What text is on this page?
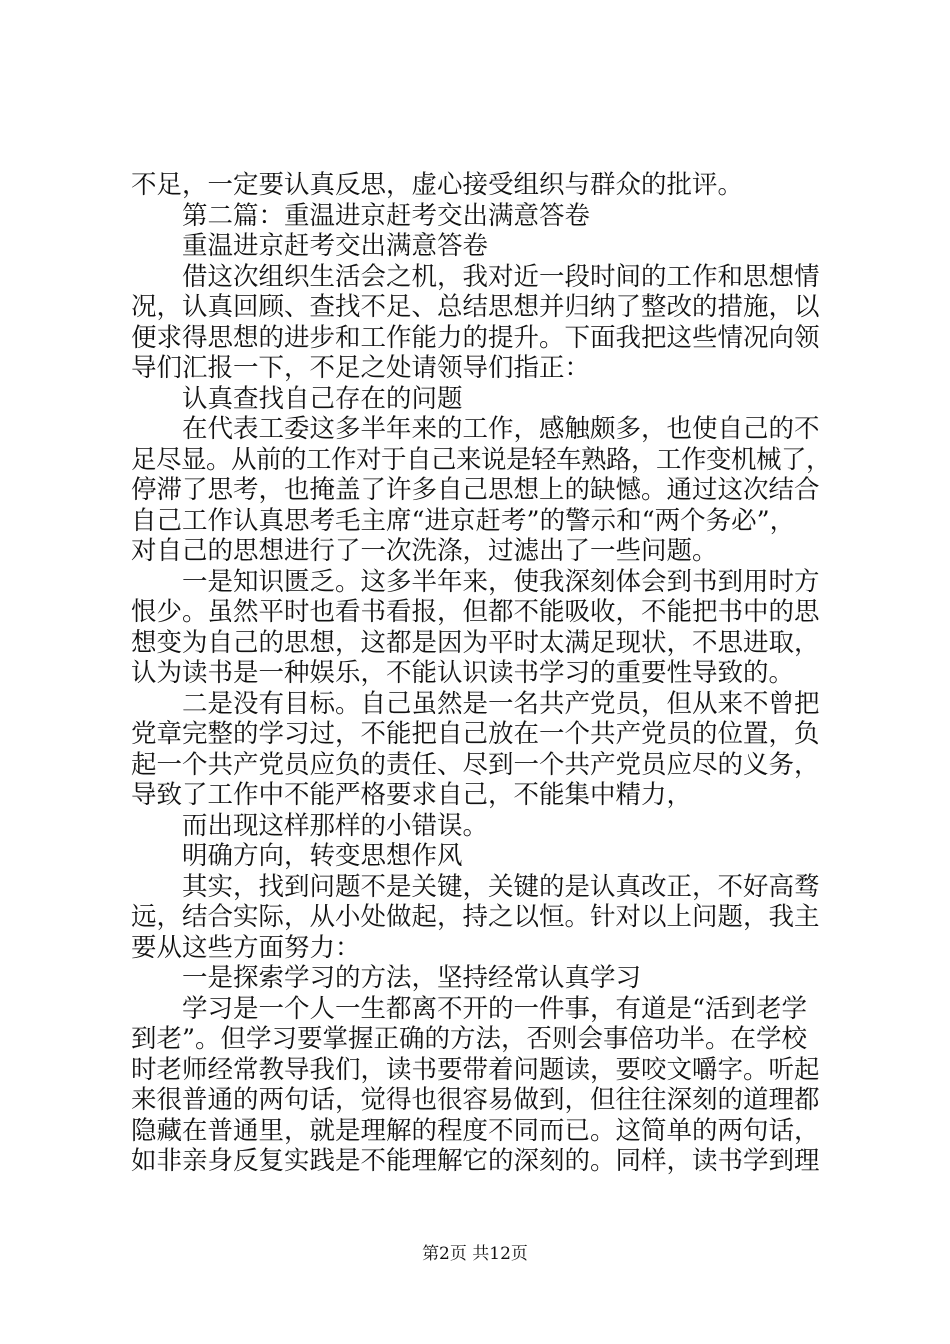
不足，一定要认真反思，虚心接受组织与群众的批评。
第二篇：重温进京赶考交出满意答卷
重温进京赶考交出满意答卷
借这次组织生活会之机，我对近一段时间的工作和思想情
况，认真回顾、查找不足、总结思想并归纳了整改的措施，以
便求得思想的进步和工作能力的提升。下面我把这些情况向领
导们汇报一下，不足之处请领导们指正：
认真查找自己存在的问题
在代表工委这多半年来的工作，感触颇多，也使自己的不
足尽显。从前的工作对于自己来说是轻车熟路，工作变机械了，
停滞了思考，也掩盖了许多自己思想上的缺憾。通过这次结合
自己工作认真思考毛主席“进京赶考”的警示和“两个务必”，
对自己的思想进行了一次洗涤，过滤出了一些问题。
一是知识匮乏。这多半年来，使我深刻体会到书到用时方
恨少。虽然平时也看书看报，但都不能吸收，不能把书中的思
想变为自己的思想，这都是因为平时太满足现状，不思进取，
认为读书是一种娱乐，不能认识读书学习的重要性导致的。
二是没有目标。自己虽然是一名共产党员，但从来不曾把
党章完整的学习过，不能把自己放在一个共产党员的位置，负
起一个共产党员应负的责任、尽到一个共产党员应尽的义务，
导致了工作中不能严格要求自己，不能集中精力，
而出现这样那样的小错误。
明确方向，转变思想作风
其实，找到问题不是关键，关键的是认真改正，不好高骛
远，结合实际，从小处做起，持之以恒。针对以上问题，我主
要从这些方面努力：
一是探索学习的方法，坚持经常认真学习
学习是一个人一生都离不开的一件事，有道是“活到老学
到老”。但学习要掌握正确的方法，否则会事倍功半。在学校
时老师经常教导我们，读书要带着问题读，要咬文嚼字。听起
来很普通的两句话，觉得也很容易做到，但往往深刻的道理都
隐藏在普通里，就是理解的程度不同而已。这简单的两句话，
如非亲身反复实践是不能理解它的深刻的。同样，读书学到理
第2页 共12页
